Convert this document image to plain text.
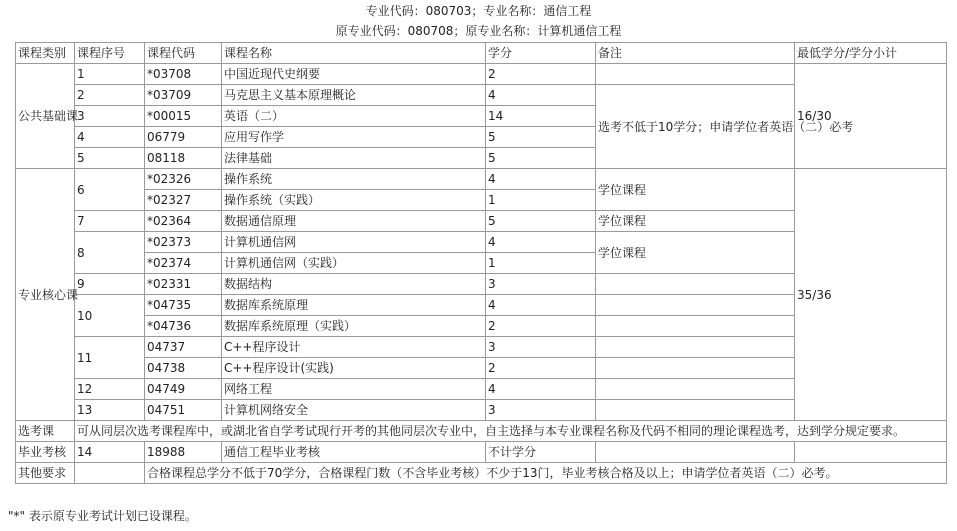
专业代码：080703；专业名称：通信工程
原专业代码：080708；原专业名称：计算机通信工程
课程类别	课程序号	课程代码	课程名称	学分	备注	最低学分/学分小计
公共基础课	1	*03708	中国近现代史纲要	2		16/30
	2	*03709	马克思主义基本原理概论	4	选考不低于10学分；申请学位者英语（二）必考	
	3	*00015	英语（二）	14		
	4	06779	应用写作学	5		
	5	08118	法律基础	5		
专业核心课	6	*02326	操作系统	4	学位课程	35/36
		*02327	操作系统（实践）	1		
	7	*02364	数据通信原理	5	学位课程	
	8	*02373	计算机通信网	4	学位课程	
		*02374	计算机通信网（实践）	1		
	9	*02331	数据结构	3		
	10	*04735	数据库系统原理	4		
		*04736	数据库系统原理（实践）	2		
	11	04737	C++程序设计	3		
		04738	C++程序设计(实践)	2		
	12	04749	网络工程	4		
	13	04751	计算机网络安全	3		
选考课	可从同层次选考课程库中，或湖北省自学考试现行开考的其他同层次专业中，自主选择与本专业课程名称及代码不相同的理论课程选考，达到学分规定要求。					
毕业考核	14	18988	通信工程毕业考核	不计学分		
其他要求		合格课程总学分不低于70学分，合格课程门数（不含毕业考核）不少于13门，毕业考核合格及以上；申请学位者英语（二）必考。				
"*" 表示原专业考试计划已设课程。
